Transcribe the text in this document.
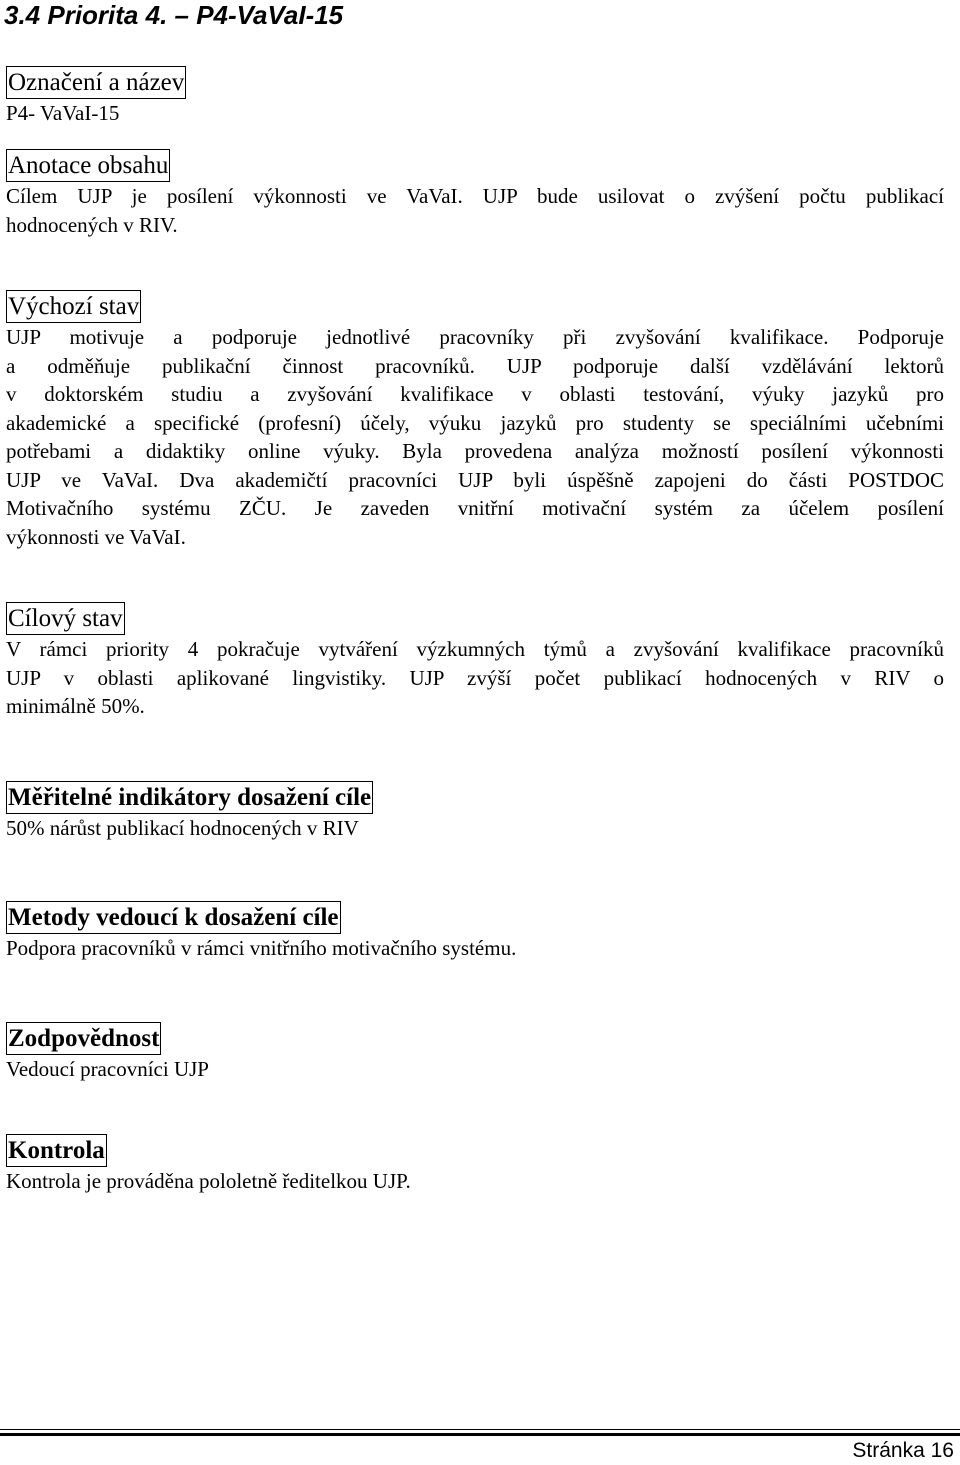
3.4 Priorita 4. – P4-VaVaI-15
Označení a název

P4- VaVaI-15

Anotace obsahu

Cílem UJP je posílení výkonnosti ve VaVaI. UJP bude usilovat o zvýšení počtu publikací
hodnocených v RIV.

Výchozí stav

UJP motivuje a podporuje jednotlivé pracovníky při zvyšování kvalifikace. Podporuje
a odměňuje publikační činnost pracovníků. UJP podporuje další vzdělávání lektorů
v doktorském studiu a zvyšování kvalifikace v oblasti testování, výuky jazyků pro
akademické a specifické (profesní) účely, výuku jazyků pro studenty se speciálními učebními
potřebami a didaktiky online výuky. Byla provedena analýza možností posílení výkonnosti
UJP ve VaVaI. Dva akademičtí pracovníci UJP byli úspěšně zapojeni do části POSTDOC
Motivačního systému ZČU. Je zaveden vnitřní motivační systém za účelem posílení
výkonnosti ve VaVaI.

Cílový stav

V rámci priority 4 pokračuje vytváření výzkumných týmů a zvyšování kvalifikace pracovníků
UJP v oblasti aplikované lingvistiky. UJP zvýší počet publikací hodnocených v RIV o
minimálně 50%.

Měřitelné indikátory dosažení cíle

50% nárůst publikací hodnocených v RIV

Metody vedoucí k dosažení cíle

Podpora pracovníků v rámci vnitřního motivačního systému.

Zodpovědnost

Vedoucí pracovníci UJP

Kontrola

Kontrola je prováděna pololetně ředitelkou UJP.

Stránka 16
